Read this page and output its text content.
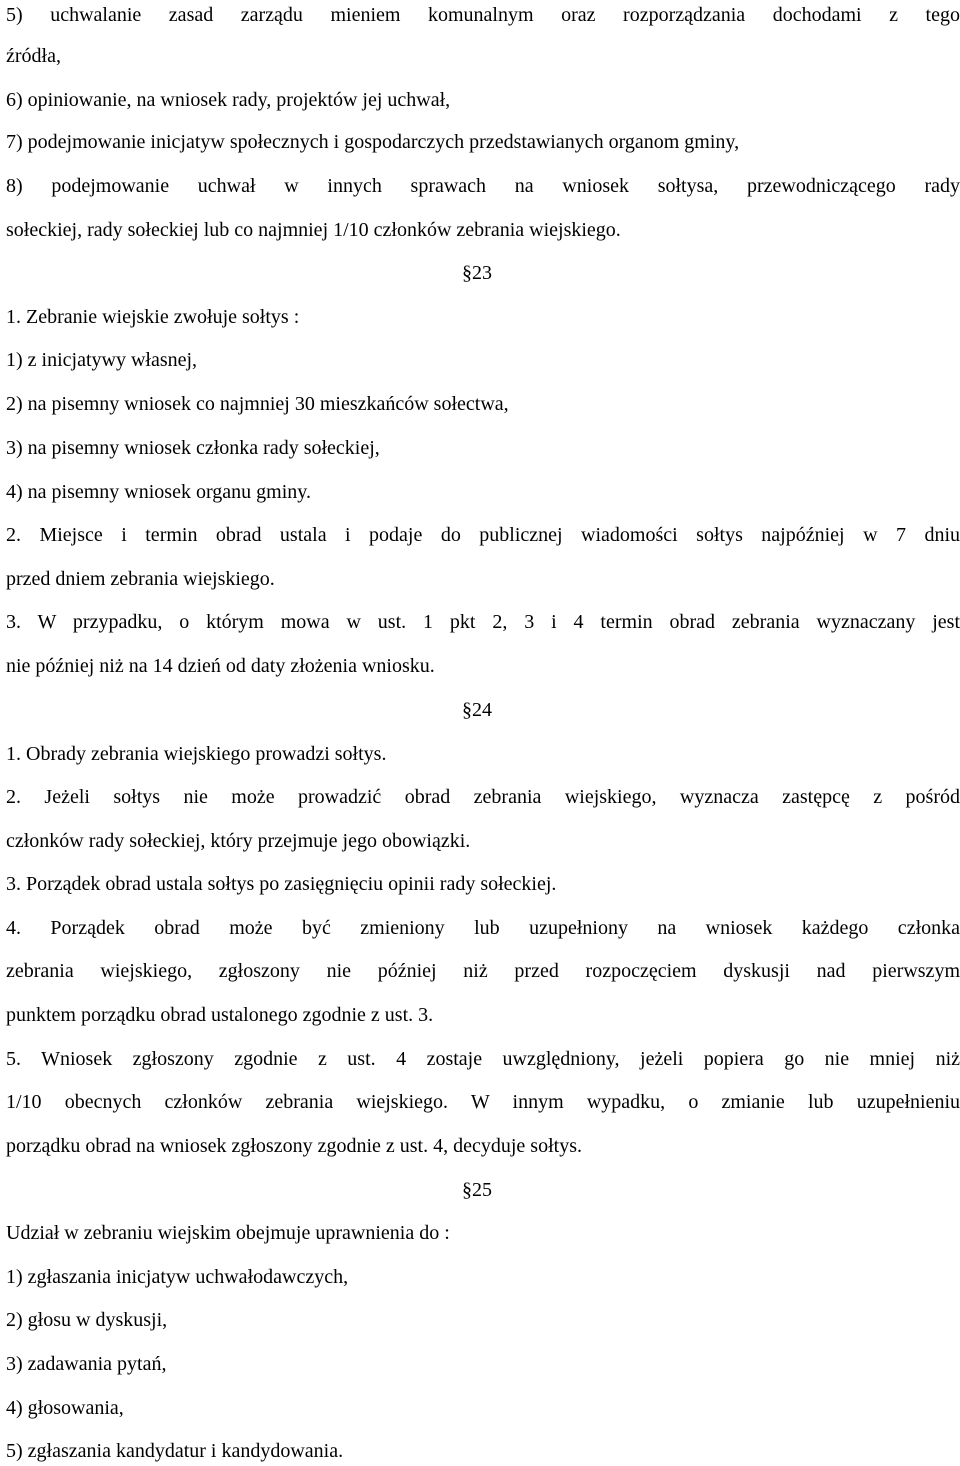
5) uchwalanie zasad zarządu mieniem komunalnym oraz rozporządzania dochodami z tego
źródła,
6) opiniowanie, na wniosek rady, projektów jej uchwał,
7) podejmowanie inicjatyw społecznych i gospodarczych przedstawianych organom gminy,
8) podejmowanie uchwał w innych sprawach na wniosek sołtysa, przewodniczącego rady
sołeckiej, rady sołeckiej lub co najmniej 1/10 członków zebrania wiejskiego.
§23
1. Zebranie wiejskie zwołuje sołtys :
1) z inicjatywy własnej,
2) na pisemny wniosek co najmniej 30 mieszkańców sołectwa,
3) na pisemny wniosek członka rady sołeckiej,
4) na pisemny wniosek organu gminy.
2. Miejsce i termin obrad ustala i podaje do publicznej wiadomości sołtys najpóźniej w 7 dniu
przed dniem zebrania wiejskiego.
3. W przypadku, o którym mowa w ust. 1 pkt 2, 3 i 4 termin obrad zebrania wyznaczany jest
nie później niż na 14 dzień od daty złożenia wniosku.
§24
1. Obrady zebrania wiejskiego prowadzi sołtys.
2. Jeżeli sołtys nie może prowadzić obrad zebrania wiejskiego, wyznacza zastępcę z pośród
członków rady sołeckiej, który przejmuje jego obowiązki.
3. Porządek obrad ustala sołtys po zasięgnięciu opinii rady sołeckiej.
4. Porządek obrad może być zmieniony lub uzupełniony na wniosek każdego członka
zebrania wiejskiego, zgłoszony nie później niż przed rozpoczęciem dyskusji nad pierwszym
punktem porządku obrad ustalonego zgodnie z ust. 3.
5. Wniosek zgłoszony zgodnie z ust. 4 zostaje uwzględniony, jeżeli popiera go nie mniej niż
1/10 obecnych członków zebrania wiejskiego. W innym wypadku, o zmianie lub uzupełnieniu
porządku obrad na wniosek zgłoszony zgodnie z ust. 4, decyduje sołtys.
§25
Udział w zebraniu wiejskim obejmuje uprawnienia do :
1) zgłaszania inicjatyw uchwałodawczych,
2) głosu w dyskusji,
3) zadawania pytań,
4) głosowania,
5) zgłaszania kandydatur i kandydowania.
